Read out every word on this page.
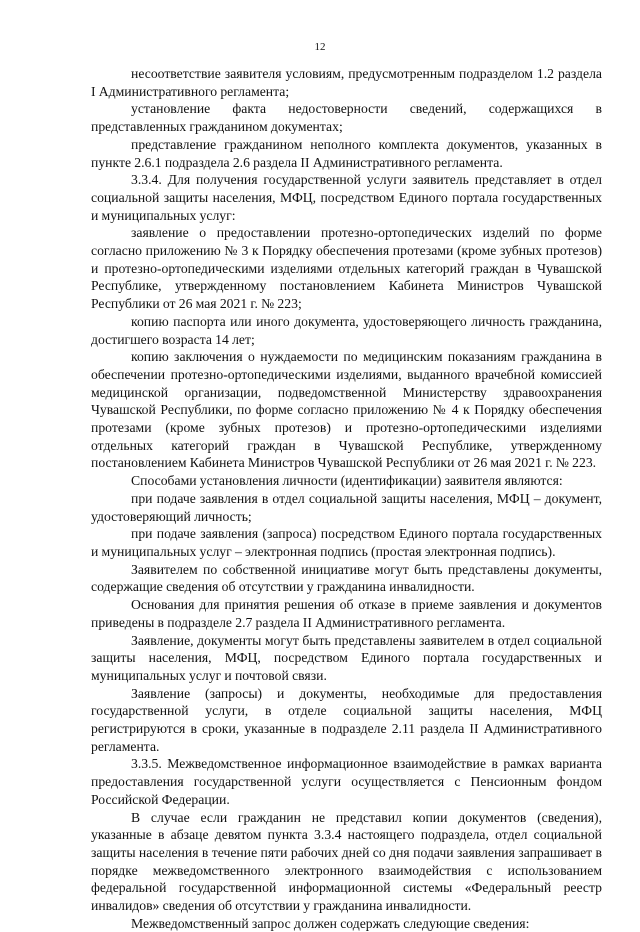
12

несоответствие заявителя условиям, предусмотренным подразделом 1.2 раздела I Административного регламента;

установление факта недостоверности сведений, содержащихся в представленных гражданином документах;

представление гражданином неполного комплекта документов, указанных в пункте 2.6.1 подраздела 2.6 раздела II Административного регламента.

3.3.4. Для получения государственной услуги заявитель представляет в отдел социальной защиты населения, МФЦ, посредством Единого портала государственных и муниципальных услуг:

заявление о предоставлении протезно-ортопедических изделий по форме согласно приложению № 3 к Порядку обеспечения протезами (кроме зубных протезов) и протезно-ортопедическими изделиями отдельных категорий граждан в Чувашской Республике, утвержденному постановлением Кабинета Министров Чувашской Республики от 26 мая 2021 г. № 223;

копию паспорта или иного документа, удостоверяющего личность гражданина, достигшего возраста 14 лет;

копию заключения о нуждаемости по медицинским показаниям гражданина в обеспечении протезно-ортопедическими изделиями, выданного врачебной комиссией медицинской организации, подведомственной Министерству здравоохранения Чувашской Республики, по форме согласно приложению № 4 к Порядку обеспечения протезами (кроме зубных протезов) и протезно-ортопедическими изделиями отдельных категорий граждан в Чувашской Республике, утвержденному постановлением Кабинета Министров Чувашской Республики от 26 мая 2021 г. № 223.

Способами установления личности (идентификации) заявителя являются:

при подаче заявления в отдел социальной защиты населения, МФЦ – документ, удостоверяющий личность;

при подаче заявления (запроса) посредством Единого портала государственных и муниципальных услуг – электронная подпись (простая электронная подпись).

Заявителем по собственной инициативе могут быть представлены документы, содержащие сведения об отсутствии у гражданина инвалидности.

Основания для принятия решения об отказе в приеме заявления и документов приведены в подразделе 2.7 раздела II Административного регламента.

Заявление, документы могут быть представлены заявителем в отдел социальной защиты населения, МФЦ, посредством Единого портала государственных и муниципальных услуг и почтовой связи.

Заявление (запросы) и документы, необходимые для предоставления государственной услуги, в отделе социальной защиты населения, МФЦ регистрируются в сроки, указанные в подразделе 2.11 раздела II Административного регламента.

3.3.5. Межведомственное информационное взаимодействие в рамках варианта предоставления государственной услуги осуществляется с Пенсионным фондом Российской Федерации.

В случае если гражданин не представил копии документов (сведения), указанные в абзаце девятом пункта 3.3.4 настоящего подраздела, отдел социальной защиты населения в течение пяти рабочих дней со дня подачи заявления запрашивает в порядке межведомственного электронного взаимодействия с использованием федеральной государственной информационной системы «Федеральный реестр инвалидов» сведения об отсутствии у гражданина инвалидности.

Межведомственный запрос должен содержать следующие сведения:
